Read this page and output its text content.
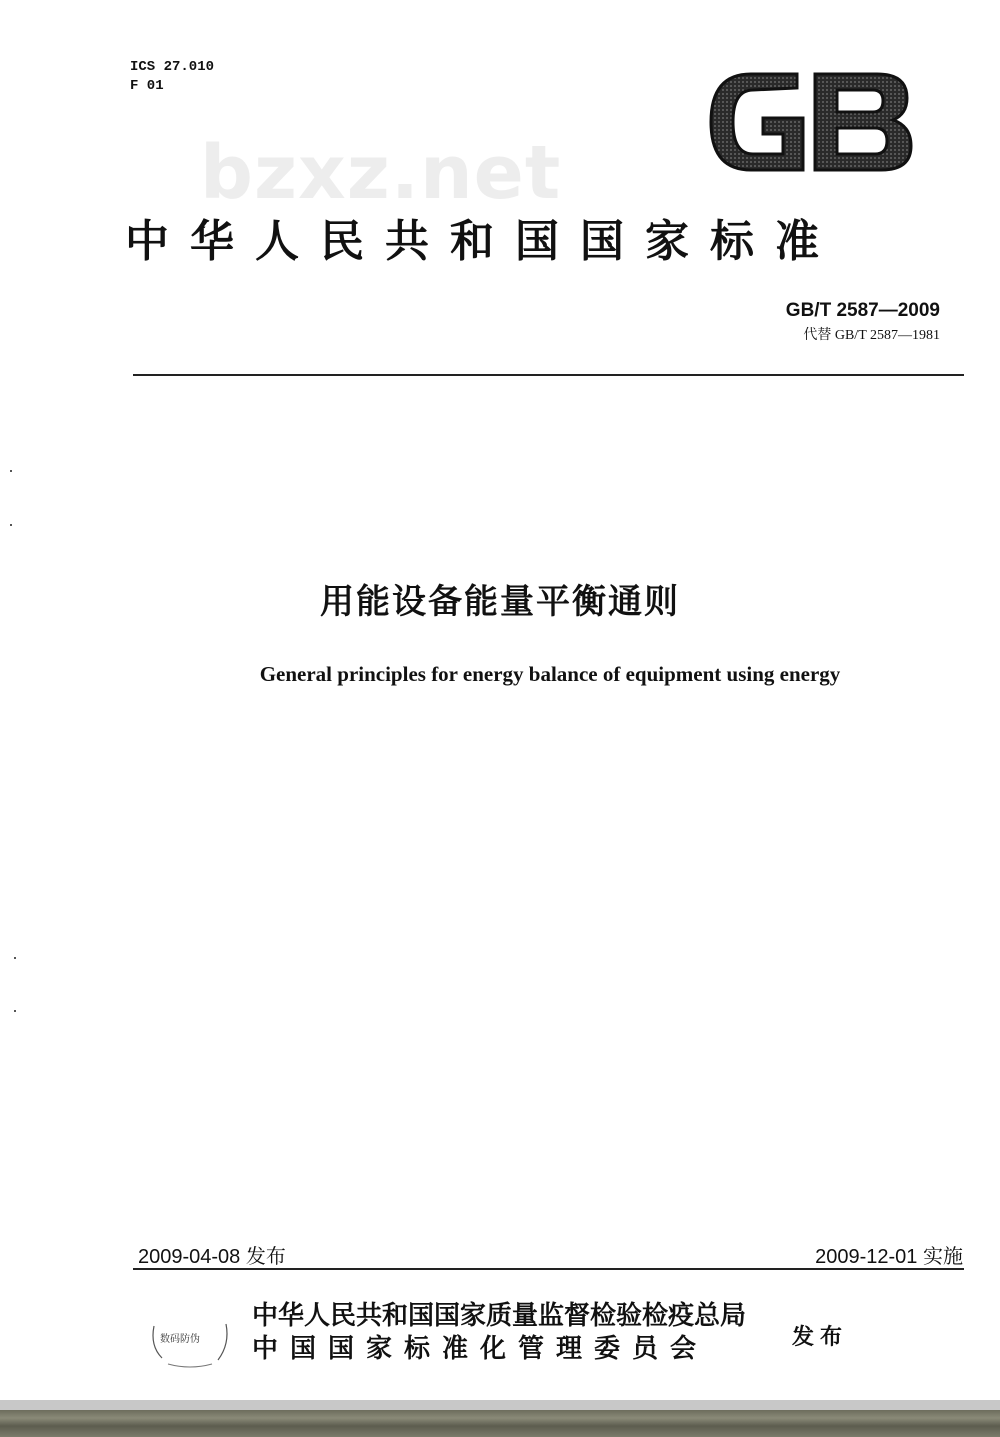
ICS 27.010
F 01
bzxz.net
中华人民共和国国家标准
GB/T 2587—2009
代替 GB/T 2587—1981
用能设备能量平衡通则
General principles for energy balance of equipment using energy
2009-04-08 发布	2009-12-01 实施
数码防伪
中华人民共和国国家质量监督检验检疫总局
中国国家标准化管理委员会	发布
